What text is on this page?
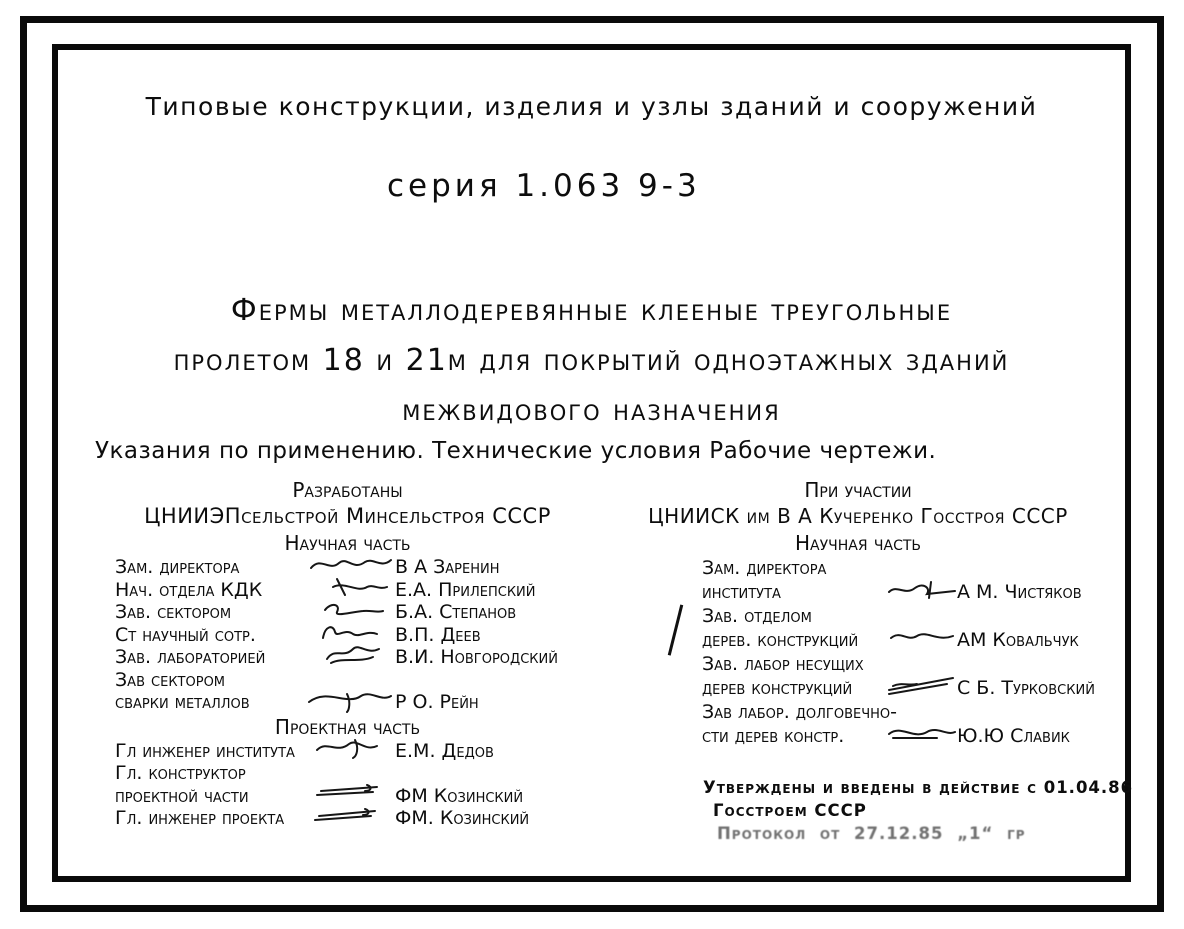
Типовые конструкции, изделия и узлы зданий и сооружений
серия 1.063 9-3
Фермы металлодеревянные клееные треугольные
пролетом 18 и 21м для покрытий одноэтажных зданий
межвидового назначения
Указания по применению. Технические условия Рабочие чертежи.
Разработаны
ЦНИИЭПсельстрой Минсельстроя СССР
Научная часть
Зам. директора	В А Заренин
Нач. отдела КДК	Е.А. Прилепский
Зав. сектором	Б.А. Степанов
Ст научный сотр.	В.П. Деев
Зав. лабораторией	В.И. Новгородский
Зав сектором
сварки металлов	Р О. Рейн
Проектная часть
Гл инженер института	Е.М. Дедов
Гл. конструктор
проектной части	ФМ Козинский
Гл. инженер проекта	ФМ. Козинский
При участии
ЦНИИСК им В А Кучеренко Госстроя СССР
Научная часть
Зам. директора
института	А М. Чистяков
Зав. отделом
дерев. конструкций	АМ Ковальчук
Зав. лабор несущих
дерев конструкций	С Б. Турковский
Зав лабор. долговечно-
сти дерев констр.	Ю.Ю Славик
Утверждены и введены в действие с 01.04.86
Госстроем СССР
Протокол от 27.12.85 „1“ гр
